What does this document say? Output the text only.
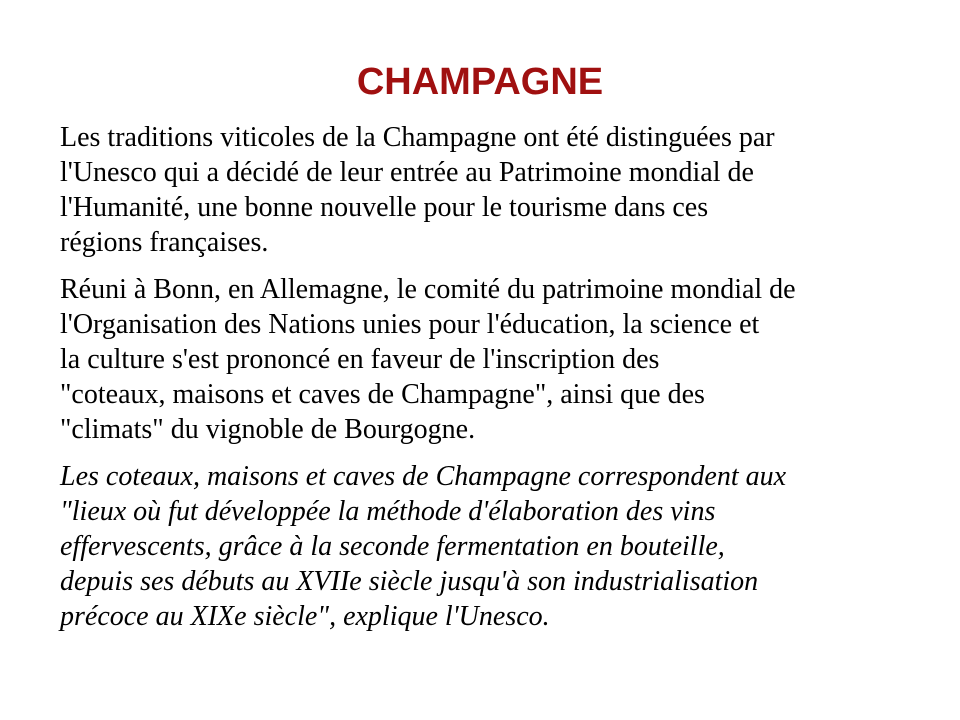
CHAMPAGNE

Les traditions viticoles de la Champagne ont été distinguées par
l'Unesco qui a décidé de leur entrée au Patrimoine mondial de
l'Humanité, une bonne nouvelle pour le tourisme dans ces
régions françaises.

Réuni à Bonn, en Allemagne, le comité du patrimoine mondial de
l'Organisation des Nations unies pour l'éducation, la science et
la culture s'est prononcé en faveur de l'inscription des
"coteaux, maisons et caves de Champagne", ainsi que des
"climats" du vignoble de Bourgogne.

Les coteaux, maisons et caves de Champagne correspondent aux
"lieux où fut développée la méthode d'élaboration des vins
effervescents, grâce à la seconde fermentation en bouteille,
depuis ses débuts au XVIIe siècle jusqu'à son industrialisation
précoce au XIXe siècle", explique l'Unesco.
